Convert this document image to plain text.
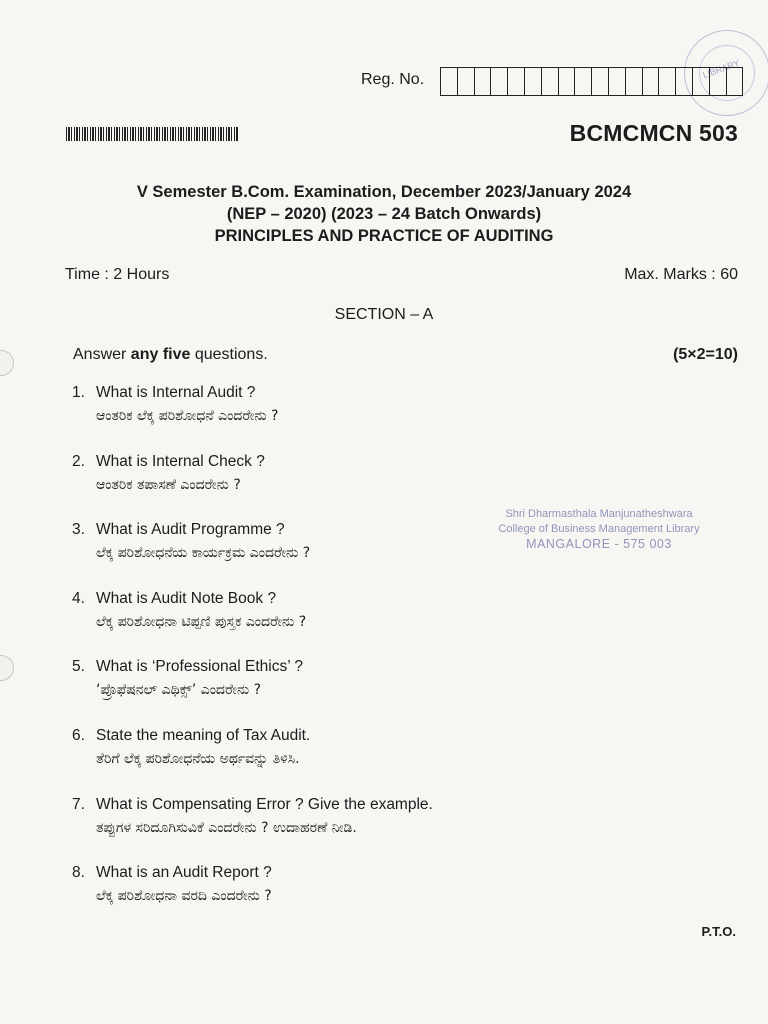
LIBRARY
Reg. No.
BCMCMCN 503
V Semester B.Com. Examination, December 2023/January 2024
(NEP – 2020) (2023 – 24 Batch Onwards)
PRINCIPLES AND PRACTICE OF AUDITING
Time : 2 Hours	Max. Marks : 60
SECTION – A
Answer any five questions.	(5×2=10)
1. What is Internal Audit ?
ಆಂತರಿಕ ಲೆಕ್ಕ ಪರಿಶೋಧನೆ ಎಂದರೇನು ?
2. What is Internal Check ?
ಆಂತರಿಕ ತಪಾಸಣೆ ಎಂದರೇನು ?
3. What is Audit Programme ?
ಲೆಕ್ಕ ಪರಿಶೋಧನೆಯ ಕಾರ್ಯಕ್ರಮ ಎಂದರೇನು ?
4. What is Audit Note Book ?
ಲೆಕ್ಕ ಪರಿಶೋಧನಾ ಟಿಪ್ಪಣಿ ಪುಸ್ತಕ ಎಂದರೇನು ?
5. What is ‘Professional Ethics’ ?
‘ಪ್ರೊಫೆಷನಲ್ ಎಥಿಕ್ಸ್’ ಎಂದರೇನು ?
6. State the meaning of Tax Audit.
ತೆರಿಗೆ ಲೆಕ್ಕ ಪರಿಶೋಧನೆಯ ಅರ್ಥವನ್ನು ತಿಳಿಸಿ.
7. What is Compensating Error ? Give the example.
ತಪ್ಪುಗಳ ಸರಿದೂಗಿಸುವಿಕೆ ಎಂದರೇನು ? ಉದಾಹರಣೆ ನೀಡಿ.
8. What is an Audit Report ?
ಲೆಕ್ಕ ಪರಿಶೋಧನಾ ವರದಿ ಎಂದರೇನು ?
Shri Dharmasthala Manjunatheshwara
College of Business Management Library
MANGALORE - 575 003
P.T.O.
